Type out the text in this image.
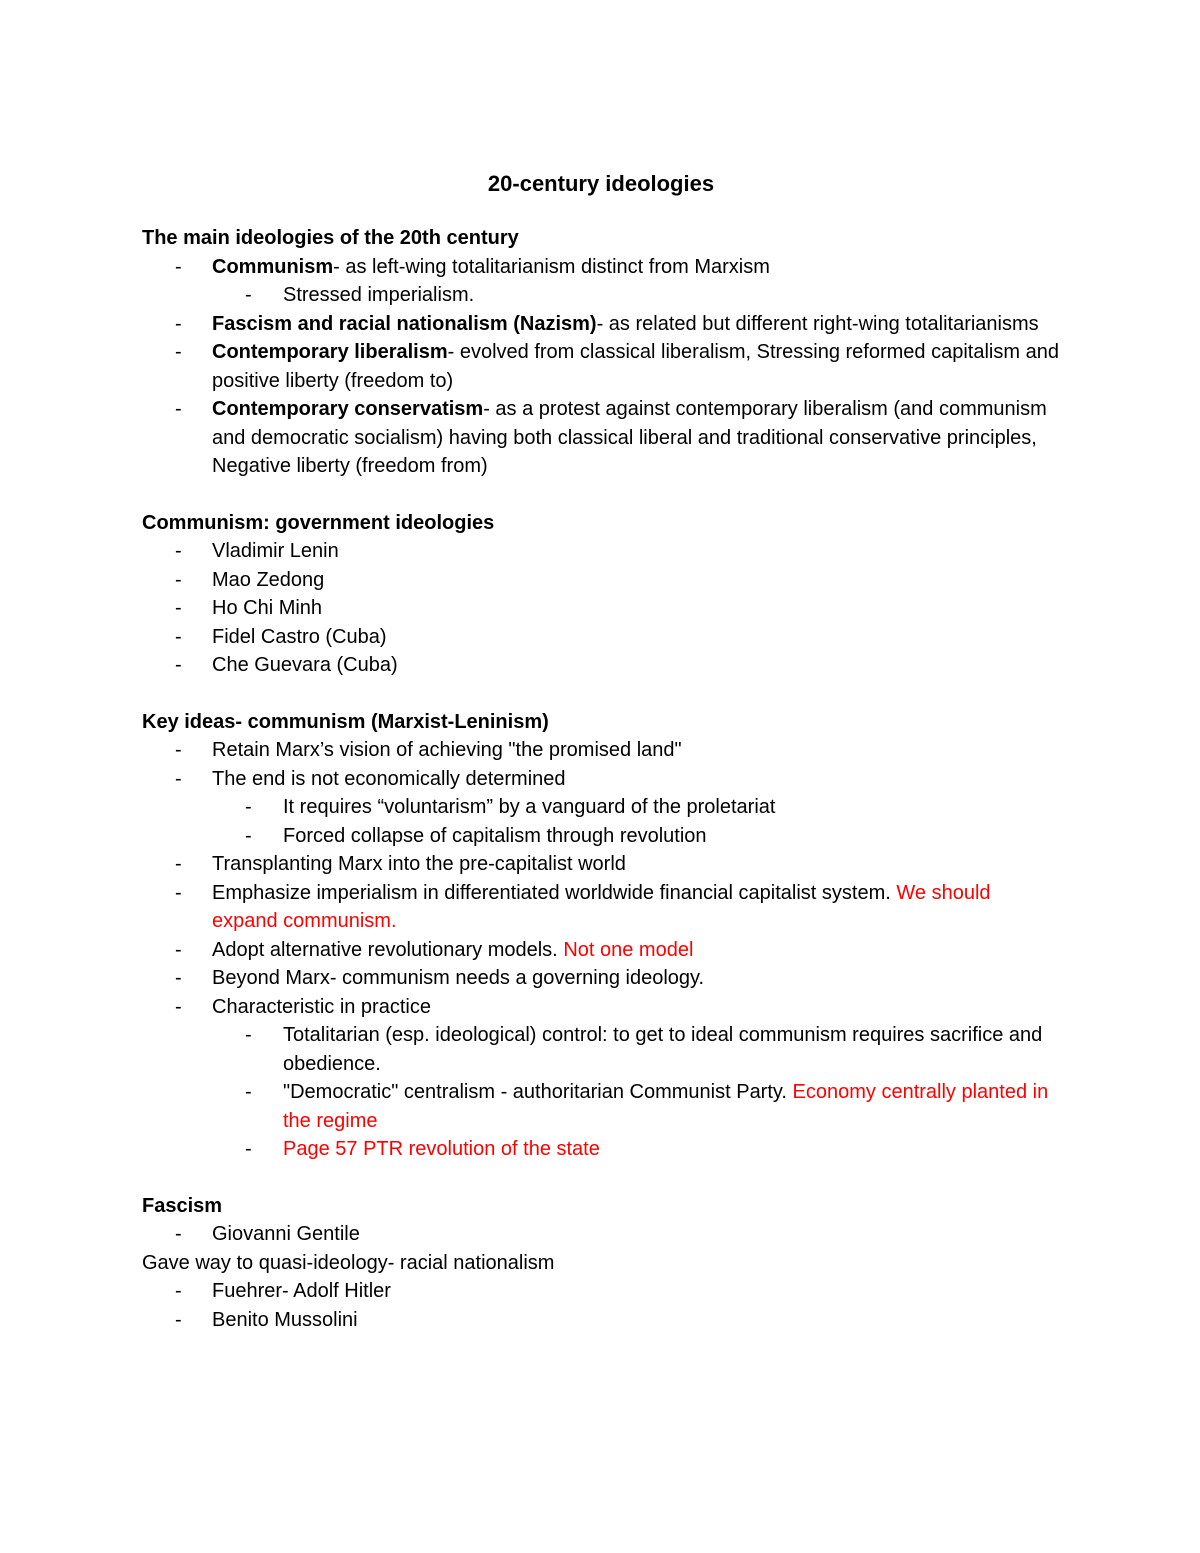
20-century ideologies

The main ideologies of the 20th century

- Communism- as left-wing totalitarianism distinct from Marxism
- Stressed imperialism.
- Fascism and racial nationalism (Nazism)- as related but different right-wing totalitarianisms
- Contemporary liberalism- evolved from classical liberalism, Stressing reformed capitalism and positive liberty (freedom to)
- Contemporary conservatism- as a protest against contemporary liberalism (and communism and democratic socialism) having both classical liberal and traditional conservative principles, Negative liberty (freedom from)

Communism: government ideologies

- Vladimir Lenin
- Mao Zedong
- Ho Chi Minh
- Fidel Castro (Cuba)
- Che Guevara (Cuba)

Key ideas- communism (Marxist-Leninism)

- Retain Marx’s vision of achieving "the promised land"
- The end is not economically determined
- It requires “voluntarism” by a vanguard of the proletariat
- Forced collapse of capitalism through revolution
- Transplanting Marx into the pre-capitalist world
- Emphasize imperialism in differentiated worldwide financial capitalist system. We should expand communism.
- Adopt alternative revolutionary models. Not one model
- Beyond Marx- communism needs a governing ideology.
- Characteristic in practice
- Totalitarian (esp. ideological) control: to get to ideal communism requires sacrifice and obedience.
- "Democratic" centralism - authoritarian Communist Party. Economy centrally planted in the regime
- Page 57 PTR revolution of the state

Fascism

- Giovanni Gentile

Gave way to quasi-ideology- racial nationalism

- Fuehrer- Adolf Hitler
- Benito Mussolini
